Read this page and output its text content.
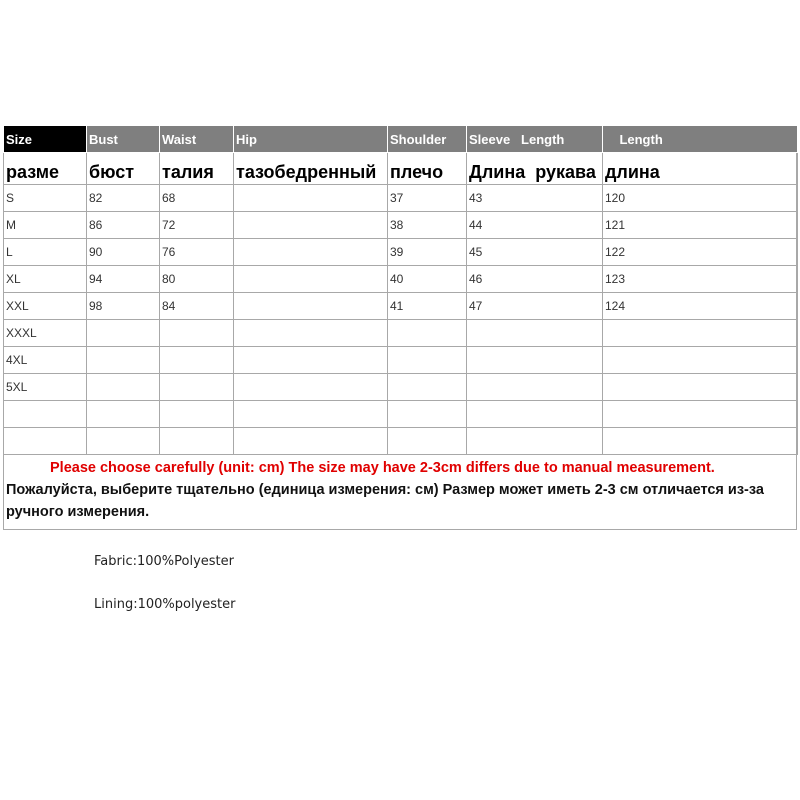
Size	Bust	Waist	Hip	Shoulder	Sleeve   Length	Length
разме	бюст	талия	тазобедренный	плечо	Длина  рукава	длина
S	82	68		37	43	120
M	86	72		38	44	121
L	90	76		39	45	122
XL	94	80		40	46	123
XXL	98	84		41	47	124
XXXL						
4XL						
5XL						

Please choose carefully (unit: cm) The size may have 2-3cm differs due to manual measurement.
Пожалуйста, выберите тщательно (единица измерения: см) Размер может иметь 2-3 см отличается из-за ручного измерения.
Fabric:100%Polyester
Lining:100%polyester
